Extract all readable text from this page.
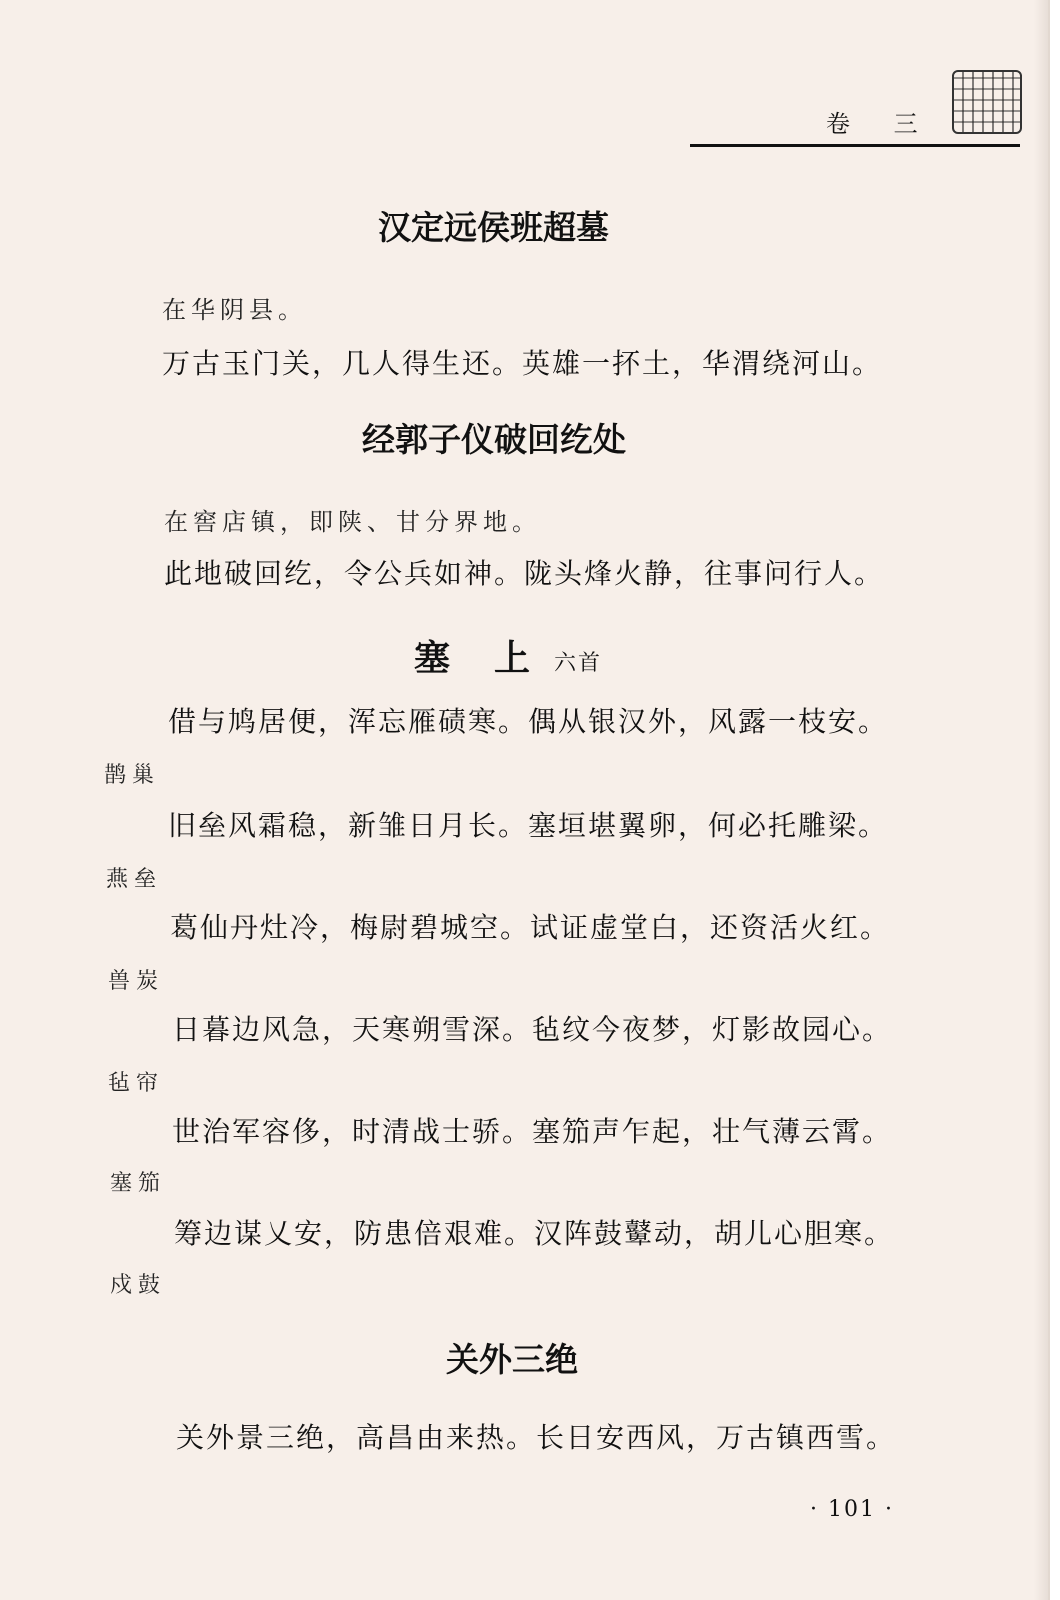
卷 三
汉定远侯班超墓
在华阴县。
万古玉门关，几人得生还。英雄一抔土，华渭绕河山。
经郭子仪破回纥处
在窖店镇，即陕、甘分界地。
此地破回纥，令公兵如神。陇头烽火静，往事问行人。
塞　上 六首
借与鸠居便，浑忘雁碛寒。偶从银汉外，风露一枝安。
鹊巢
旧垒风霜稳，新雏日月长。塞垣堪翼卵，何必托雕梁。
燕垒
葛仙丹灶冷，梅尉碧城空。试证虚堂白，还资活火红。
兽炭
日暮边风急，天寒朔雪深。毡纹今夜梦，灯影故园心。
毡帘
世治军容侈，时清战士骄。塞笳声乍起，壮气薄云霄。
塞笳
筹边谋乂安，防患倍艰难。汉阵鼓鼙动，胡儿心胆寒。
戍鼓
关外三绝
关外景三绝，高昌由来热。长日安西风，万古镇西雪。
· 101 ·
